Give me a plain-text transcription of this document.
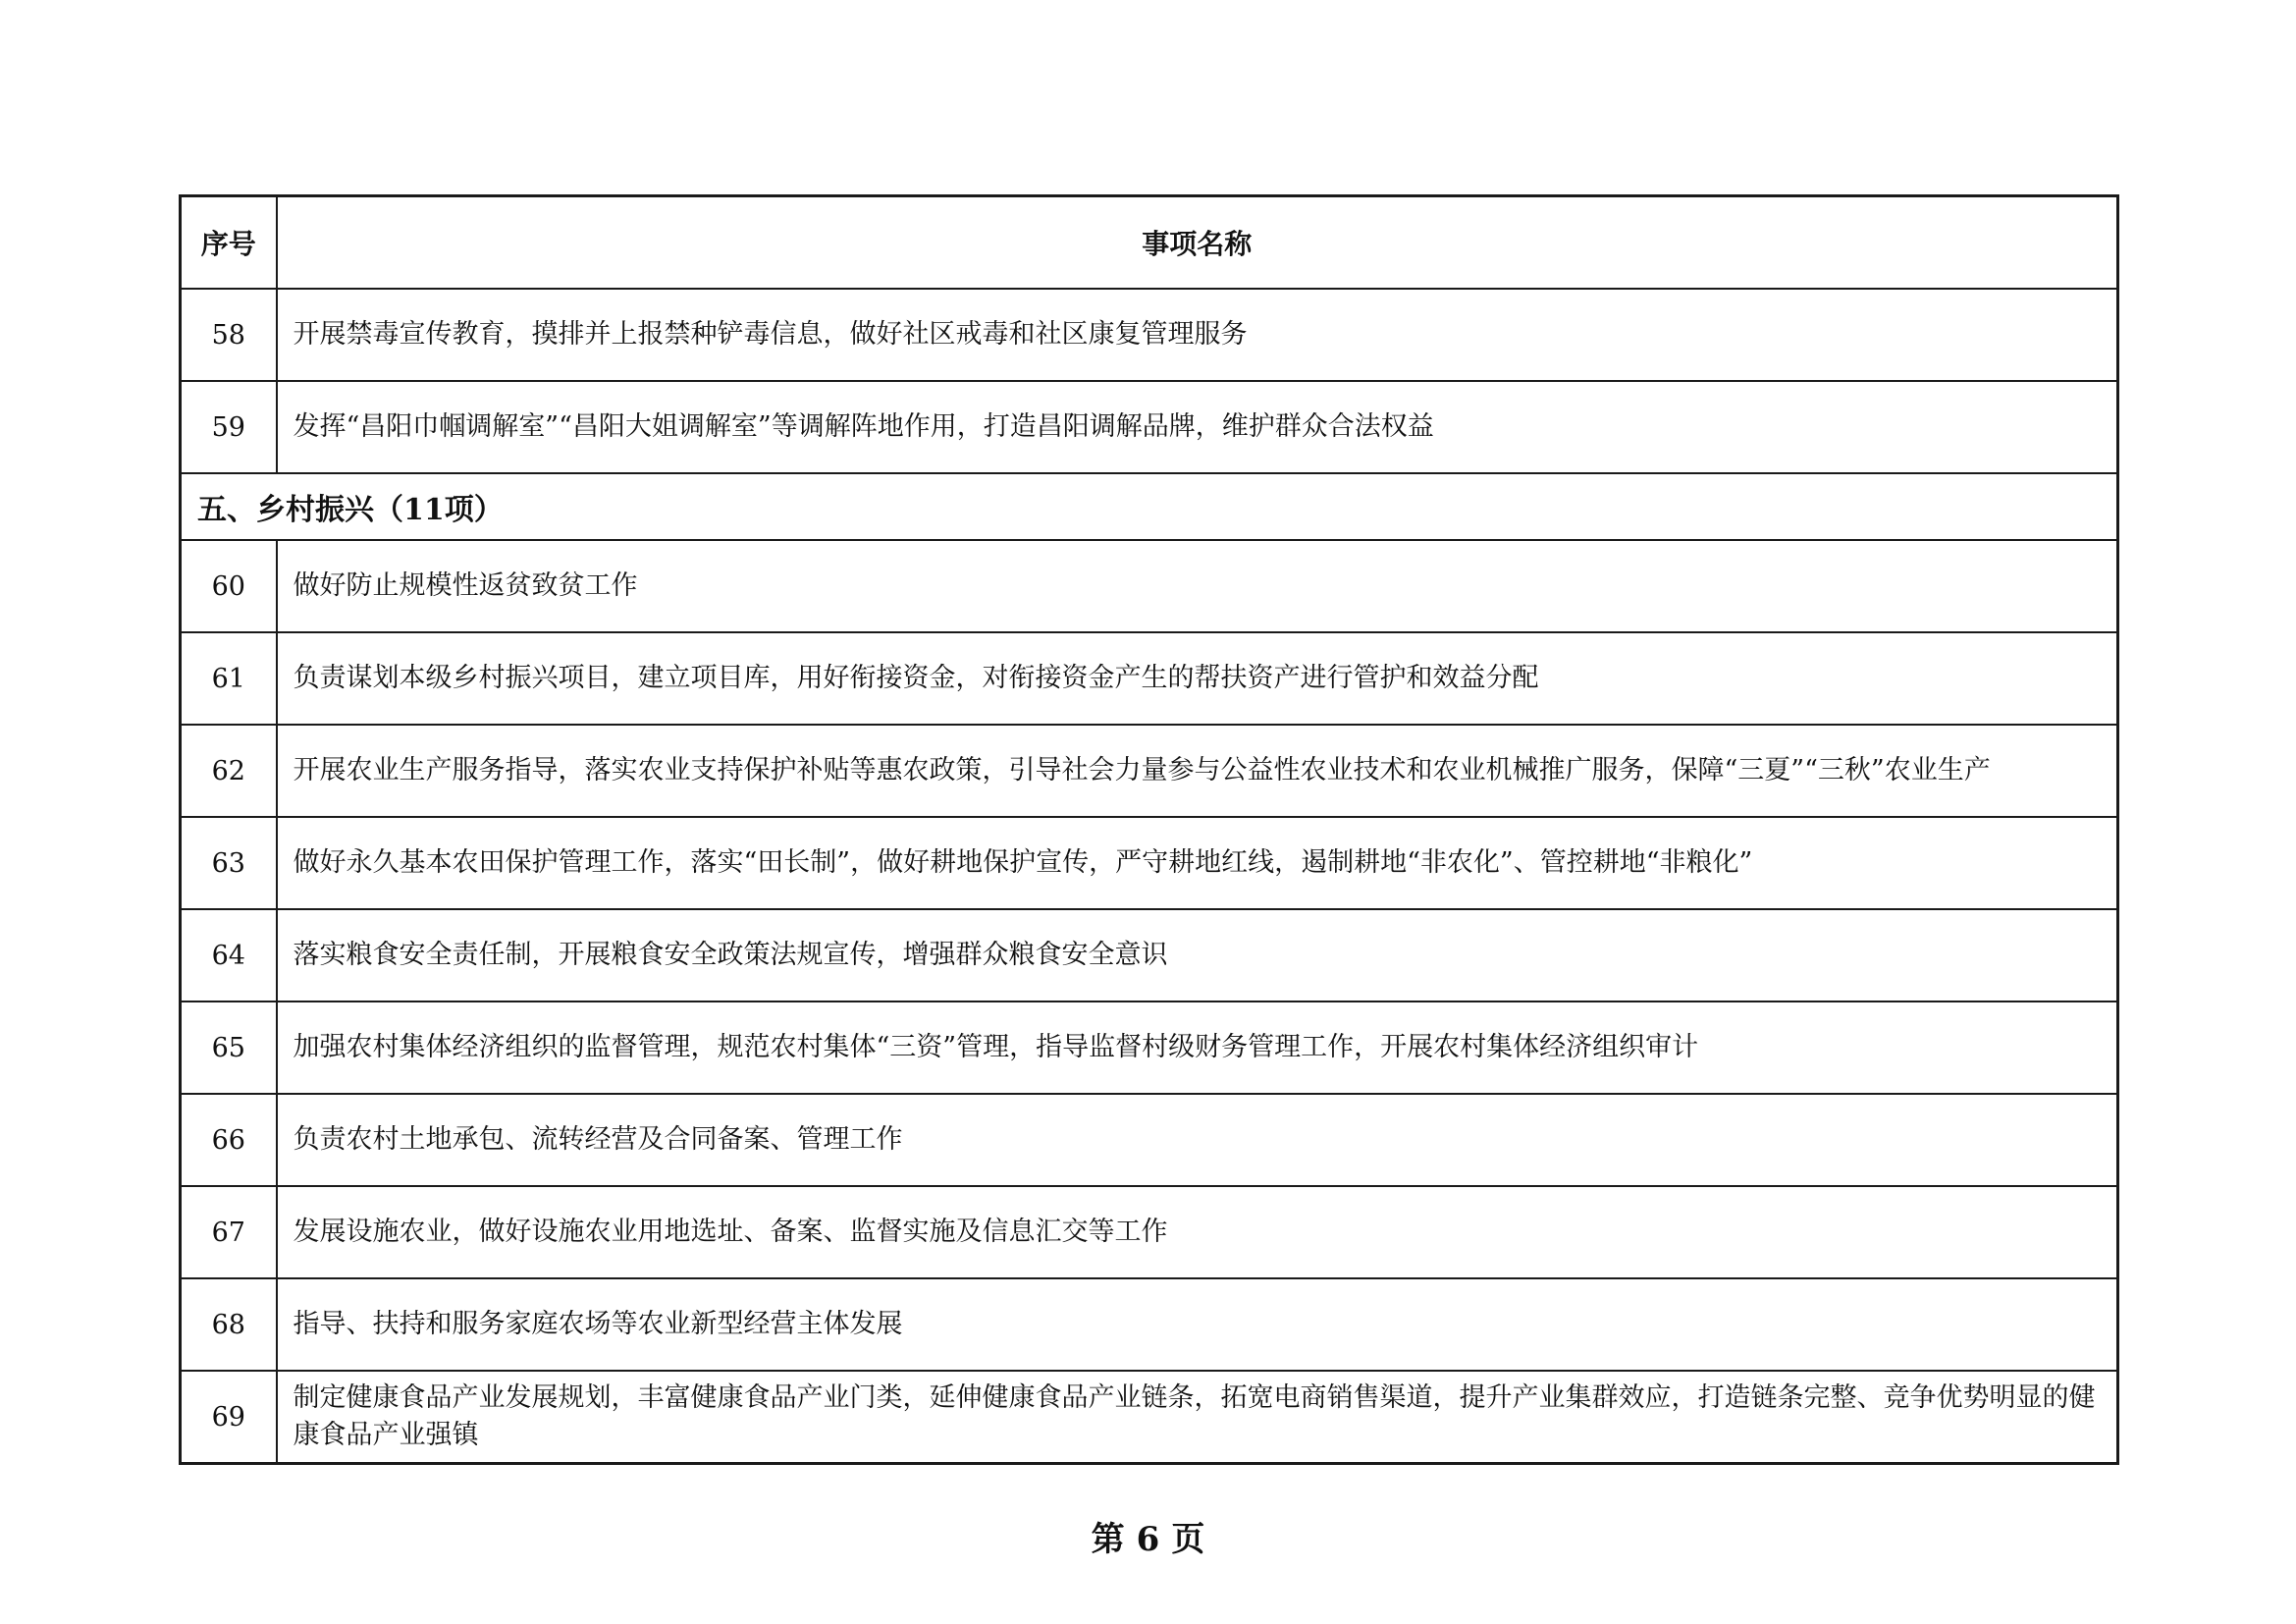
序号	事项名称
58	开展禁毒宣传教育，摸排并上报禁种铲毒信息，做好社区戒毒和社区康复管理服务
59	发挥“昌阳巾帼调解室”“昌阳大姐调解室”等调解阵地作用，打造昌阳调解品牌，维护群众合法权益
五、乡村振兴（11项）	
60	做好防止规模性返贫致贫工作
61	负责谋划本级乡村振兴项目，建立项目库，用好衔接资金，对衔接资金产生的帮扶资产进行管护和效益分配
62	开展农业生产服务指导，落实农业支持保护补贴等惠农政策，引导社会力量参与公益性农业技术和农业机械推广服务，保障“三夏”“三秋”农业生产
63	做好永久基本农田保护管理工作，落实“田长制”，做好耕地保护宣传，严守耕地红线，遏制耕地“非农化”、管控耕地“非粮化”
64	落实粮食安全责任制，开展粮食安全政策法规宣传，增强群众粮食安全意识
65	加强农村集体经济组织的监督管理，规范农村集体“三资”管理，指导监督村级财务管理工作，开展农村集体经济组织审计
66	负责农村土地承包、流转经营及合同备案、管理工作
67	发展设施农业，做好设施农业用地选址、备案、监督实施及信息汇交等工作
68	指导、扶持和服务家庭农场等农业新型经营主体发展
69	制定健康食品产业发展规划，丰富健康食品产业门类，延伸健康食品产业链条，拓宽电商销售渠道，提升产业集群效应，打造链条完整、竞争优势明显的健康食品产业强镇
第 6 页
